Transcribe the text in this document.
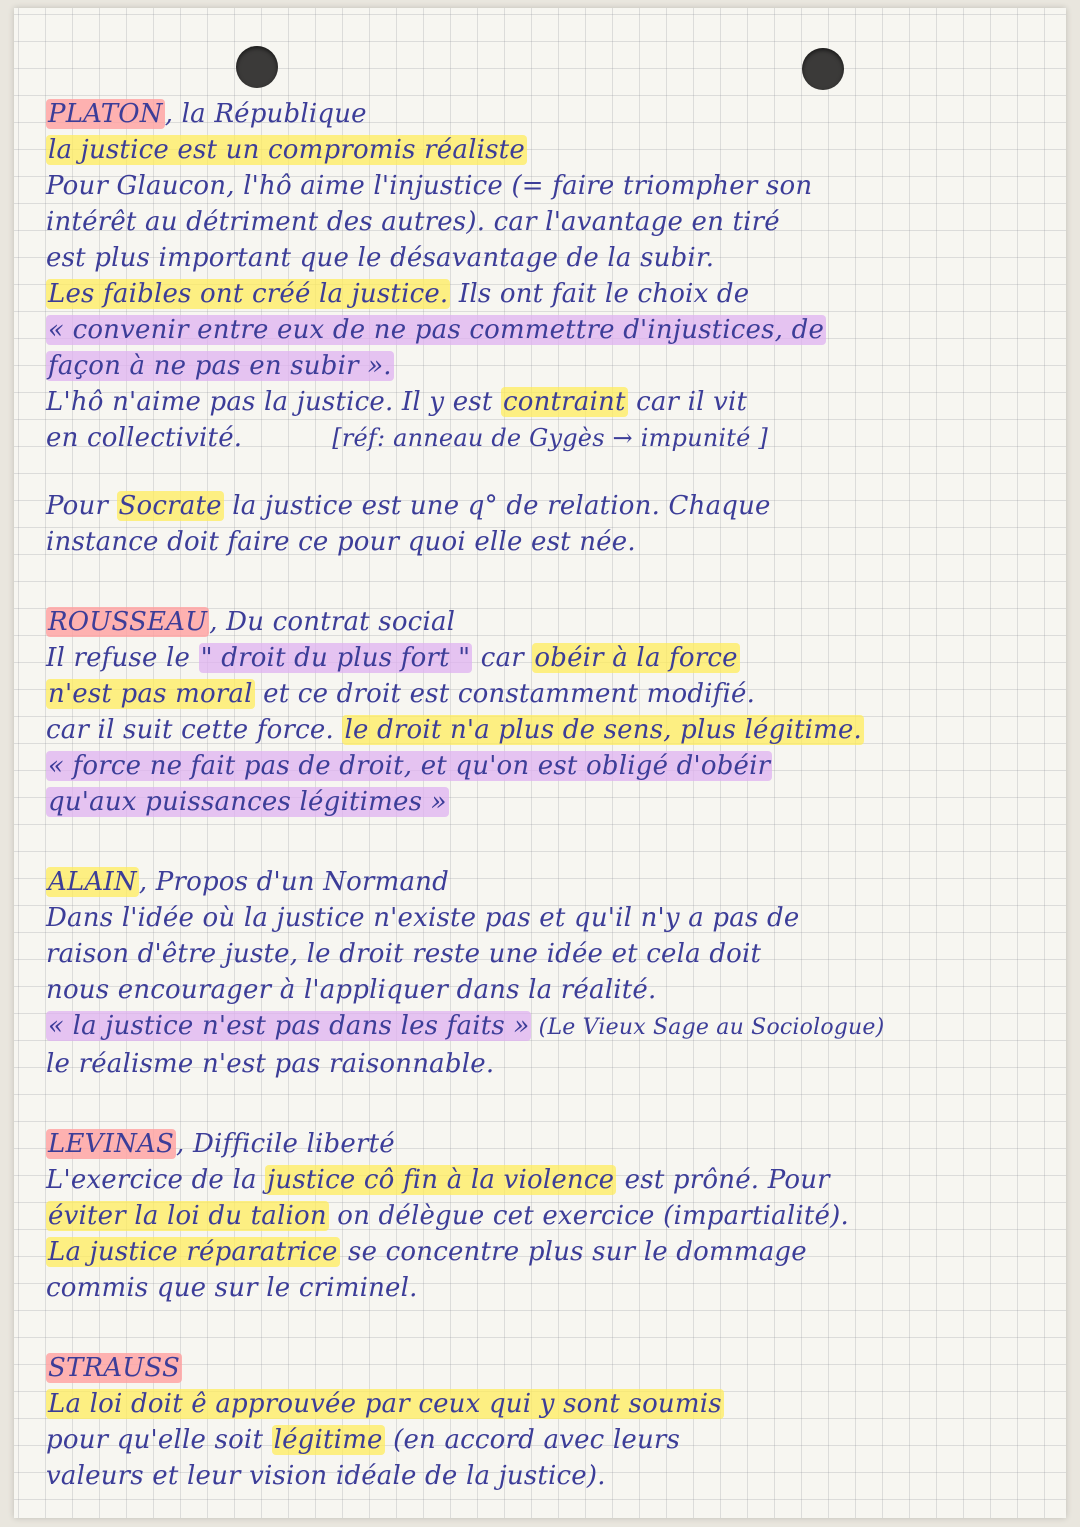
PLATON, la République
la justice est un compromis réaliste
Pour Glaucon, l'hô aime l'injustice (= faire triompher son
intérêt au détriment des autres). car l'avantage en tiré
est plus important que le désavantage de la subir.
Les faibles ont créé la justice. Ils ont fait le choix de
« convenir entre eux de ne pas commettre d'injustices, de
façon à ne pas en subir ».
L'hô n'aime pas la justice. Il y est contraint car il vit
en collectivité.	[réf: anneau de Gygès → impunité ]
Pour Socrate la justice est une q° de relation. Chaque
instance doit faire ce pour quoi elle est née.
ROUSSEAU, Du contrat social
Il refuse le " droit du plus fort " car obéir à la force
n'est pas moral et ce droit est constamment modifié.
car il suit cette force. le droit n'a plus de sens, plus légitime.
« force ne fait pas de droit, et qu'on est obligé d'obéir
qu'aux puissances légitimes »
ALAIN, Propos d'un Normand
Dans l'idée où la justice n'existe pas et qu'il n'y a pas de
raison d'être juste, le droit reste une idée et cela doit
nous encourager à l'appliquer dans la réalité.
« la justice n'est pas dans les faits » (Le Vieux Sage au Sociologue)
le réalisme n'est pas raisonnable.
LEVINAS, Difficile liberté
L'exercice de la justice cô fin à la violence est prôné. Pour
éviter la loi du talion on délègue cet exercice (impartialité).
La justice réparatrice se concentre plus sur le dommage
commis que sur le criminel.
STRAUSS
La loi doit ê approuvée par ceux qui y sont soumis
pour qu'elle soit légitime (en accord avec leurs
valeurs et leur vision idéale de la justice).
